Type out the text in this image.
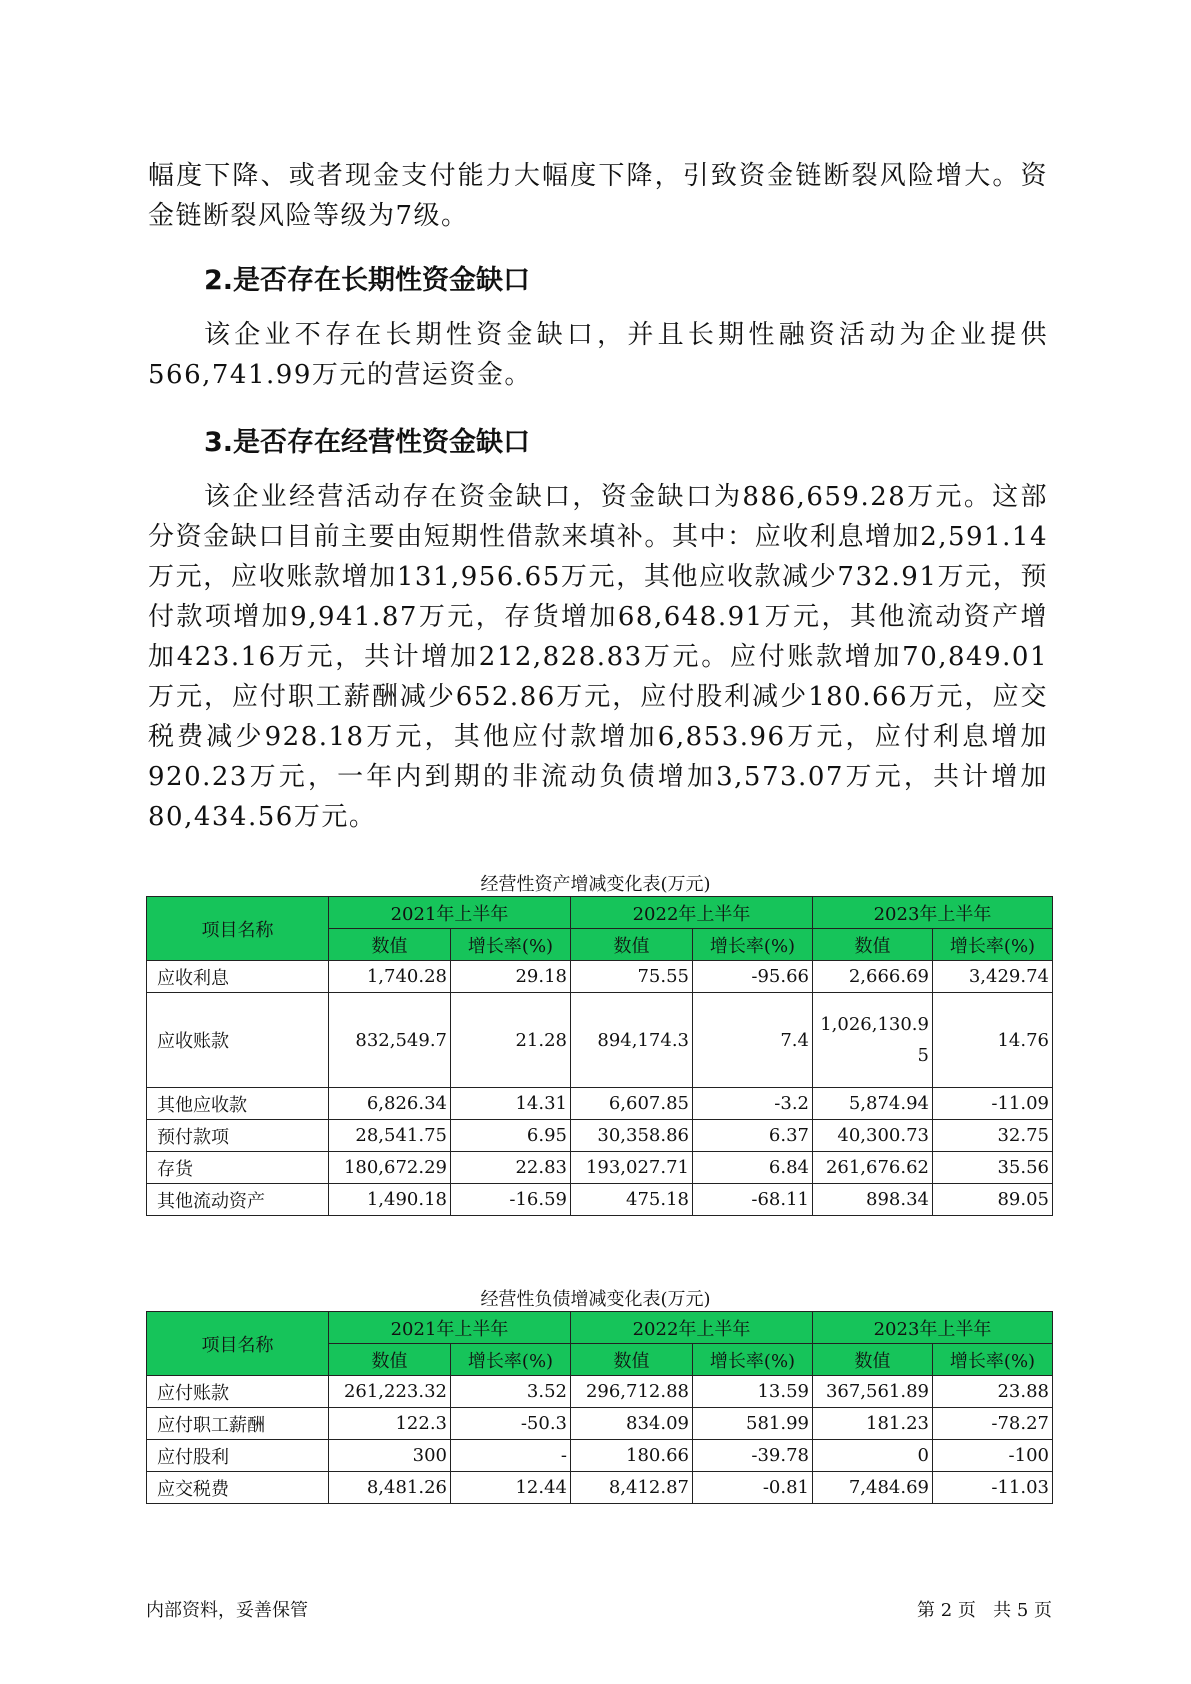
幅度下降、或者现金支付能力大幅度下降，引致资金链断裂风险增大。资金链断裂风险等级为7级。

2.是否存在长期性资金缺口

该企业不存在长期性资金缺口，并且长期性融资活动为企业提供566,741.99万元的营运资金。

3.是否存在经营性资金缺口

该企业经营活动存在资金缺口，资金缺口为886,659.28万元。这部分资金缺口目前主要由短期性借款来填补。其中：应收利息增加2,591.14万元，应收账款增加131,956.65万元，其他应收款减少732.91万元，预付款项增加9,941.87万元，存货增加68,648.91万元，其他流动资产增加423.16万元，共计增加212,828.83万元。应付账款增加70,849.01万元，应付职工薪酬减少652.86万元，应付股利减少180.66万元，应交税费减少928.18万元，其他应付款增加6,853.96万元，应付利息增加920.23万元，一年内到期的非流动负债增加3,573.07万元，共计增加80,434.56万元。

经营性资产增减变化表(万元)

项目名称	2021年上半年		2022年上半年		2023年上半年	
	数值	增长率(%)	数值	增长率(%)	数值	增长率(%)
应收利息	1,740.28	29.18	75.55	-95.66	2,666.69	3,429.74
应收账款	832,549.7	21.28	894,174.3	7.4	1,026,130.95	14.76
其他应收款	6,826.34	14.31	6,607.85	-3.2	5,874.94	-11.09
预付款项	28,541.75	6.95	30,358.86	6.37	40,300.73	32.75
存货	180,672.29	22.83	193,027.71	6.84	261,676.62	35.56
其他流动资产	1,490.18	-16.59	475.18	-68.11	898.34	89.05

经营性负债增减变化表(万元)

项目名称	2021年上半年		2022年上半年		2023年上半年	
	数值	增长率(%)	数值	增长率(%)	数值	增长率(%)
应付账款	261,223.32	3.52	296,712.88	13.59	367,561.89	23.88
应付职工薪酬	122.3	-50.3	834.09	581.99	181.23	-78.27
应付股利	300	-	180.66	-39.78	0	-100
应交税费	8,481.26	12.44	8,412.87	-0.81	7,484.69	-11.03

内部资料，妥善保管	第 2 页   共 5 页
